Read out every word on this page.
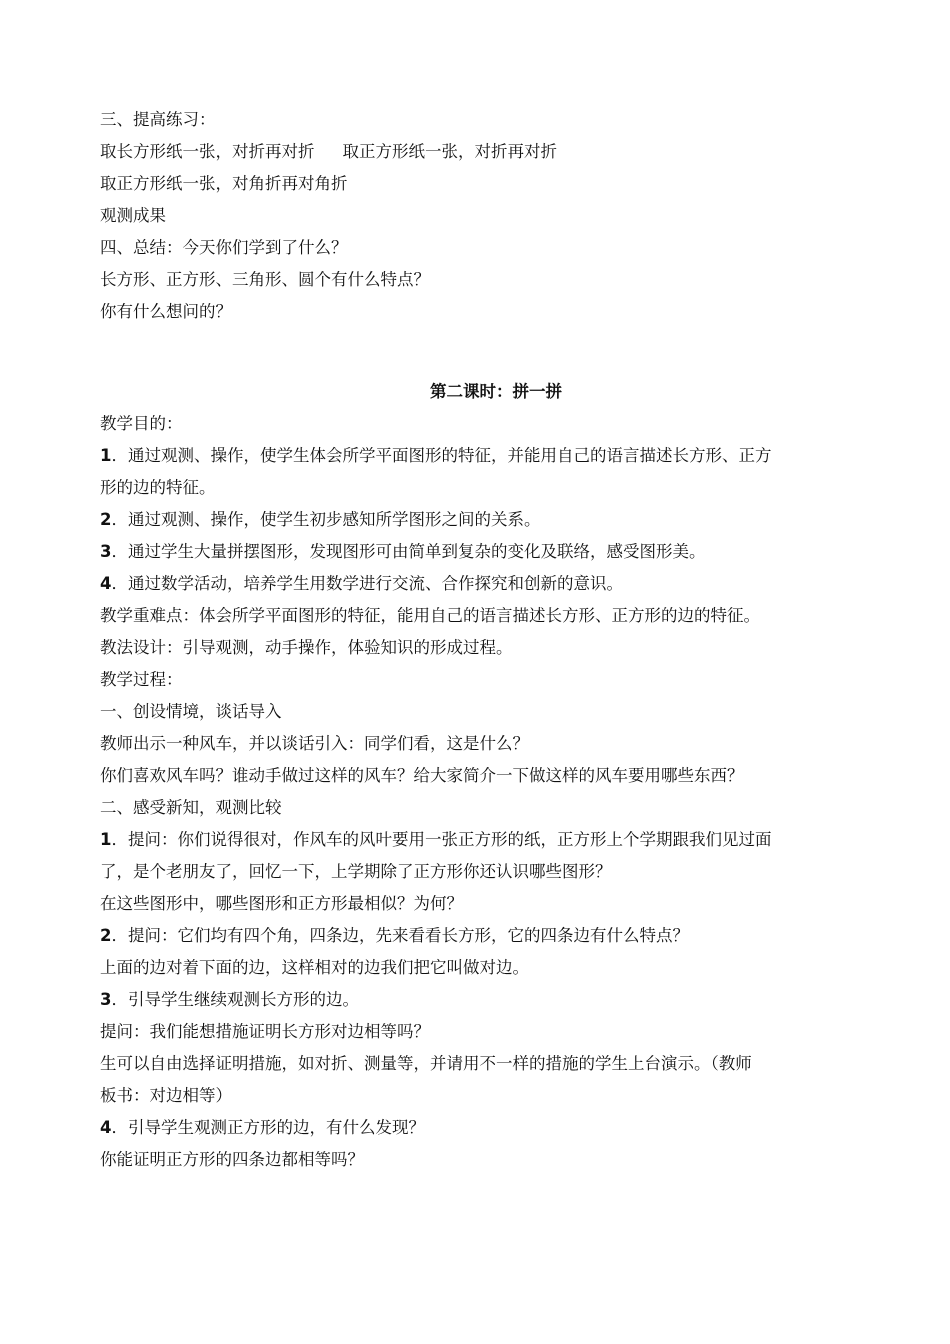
三、提高练习：
取长方形纸一张，对折再对折 取正方形纸一张，对折再对折
取正方形纸一张，对角折再对角折
观测成果
四、总结：今天你们学到了什么？
长方形、正方形、三角形、圆个有什么特点？
你有什么想问的？
第二课时：拼一拼
教学目的：
1．通过观测、操作，使学生体会所学平面图形的特征，并能用自己的语言描述长方形、正方
形的边的特征。
2．通过观测、操作，使学生初步感知所学图形之间的关系。
3．通过学生大量拼摆图形，发现图形可由简单到复杂的变化及联络，感受图形美。
4．通过数学活动，培养学生用数学进行交流、合作探究和创新的意识。
教学重难点：体会所学平面图形的特征，能用自己的语言描述长方形、正方形的边的特征。
教法设计：引导观测，动手操作，体验知识的形成过程。
教学过程：
一、创设情境，谈话导入
教师出示一种风车，并以谈话引入：同学们看，这是什么？
你们喜欢风车吗？谁动手做过这样的风车？给大家简介一下做这样的风车要用哪些东西？
二、感受新知，观测比较
1．提问：你们说得很对，作风车的风叶要用一张正方形的纸，正方形上个学期跟我们见过面
了，是个老朋友了，回忆一下，上学期除了正方形你还认识哪些图形？
在这些图形中，哪些图形和正方形最相似？为何？
2．提问：它们均有四个角，四条边，先来看看长方形，它的四条边有什么特点？
上面的边对着下面的边，这样相对的边我们把它叫做对边。
3．引导学生继续观测长方形的边。
提问：我们能想措施证明长方形对边相等吗？
生可以自由选择证明措施，如对折、测量等，并请用不一样的措施的学生上台演示。（教师
板书：对边相等）
4．引导学生观测正方形的边，有什么发现？
你能证明正方形的四条边都相等吗？
